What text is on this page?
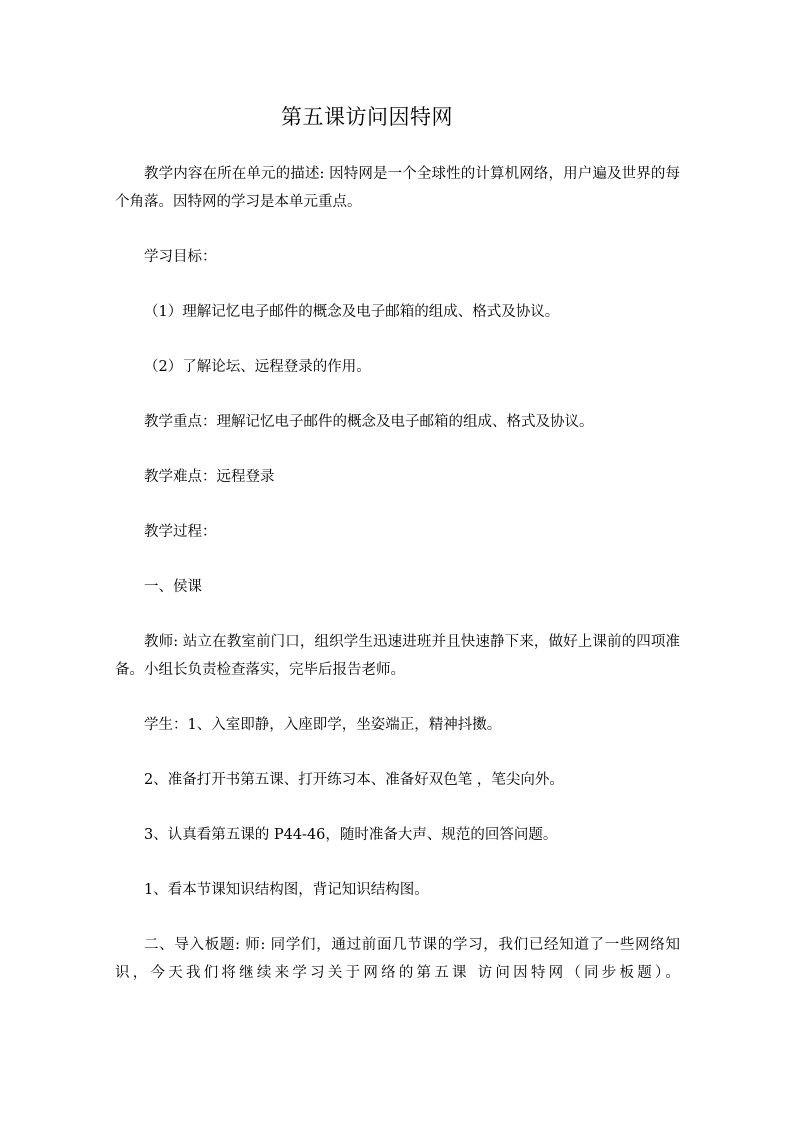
第五课访问因特网

教学内容在所在单元的描述: 因特网是一个全球性的计算机网络，用户遍及世界的每个角落。因特网的学习是本单元重点。

学习目标：

（1）理解记忆电子邮件的概念及电子邮箱的组成、格式及协议。

（2）了解论坛、远程登录的作用。

教学重点：理解记忆电子邮件的概念及电子邮箱的组成、格式及协议。

教学难点：远程登录

教学过程：

一、侯课

教师: 站立在教室前门口，组织学生迅速进班并且快速静下来，做好上课前的四项准备。小组长负责检查落实，完毕后报告老师。

学生：1、入室即静，入座即学，坐姿端正，精神抖擞。

2、准备打开书第五课、打开练习本、准备好双色笔 ，笔尖向外。

3、认真看第五课的 P44-46，随时准备大声、规范的回答问题。

1、看本节课知识结构图，背记知识结构图。

二、导入板题: 师: 同学们，通过前面几节课的学习，我们已经知道了一些网络知识，今天我们将继续来学习关于网络的第五课 访问因特网（同步板题）。
